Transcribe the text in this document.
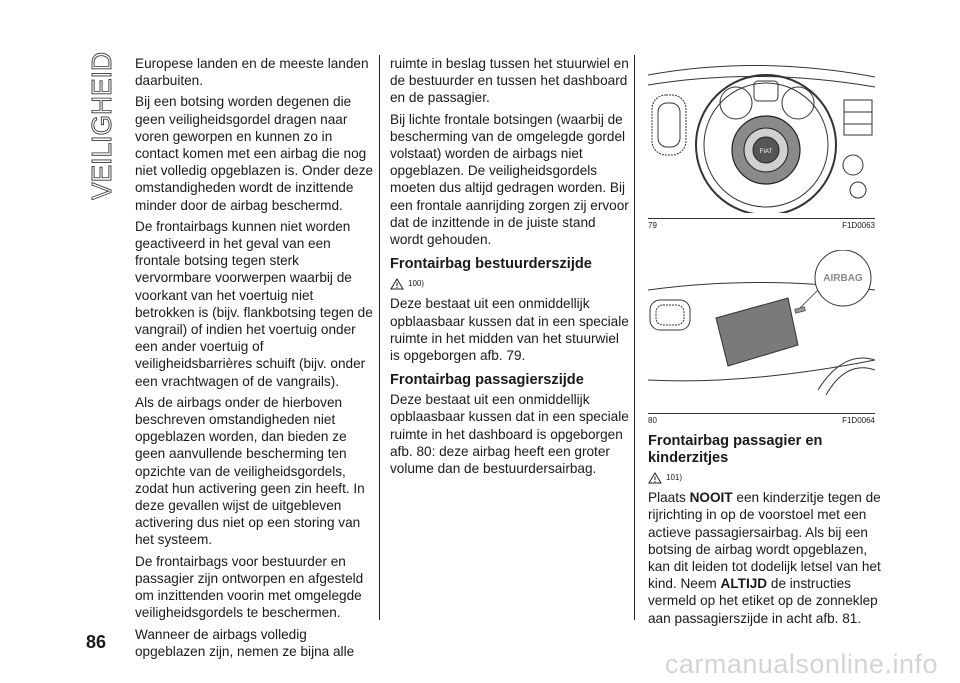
VEILIGHEID Europese landen en de meeste landen daarbuiten.

Bij een botsing worden degenen die geen veiligheidsgordel dragen naar voren geworpen en kunnen zo in contact komen met een airbag die nog niet volledig opgeblazen is. Onder deze omstandigheden wordt de inzittende minder door de airbag beschermd.

De frontairbags kunnen niet worden geactiveerd in het geval van een frontale botsing tegen sterk vervormbare voorwerpen waarbij de voorkant van het voertuig niet betrokken is (bijv. flankbotsing tegen de vangrail) of indien het voertuig onder een ander voertuig of veiligheidsbarrières schuift (bijv. onder een vrachtwagen of de vangrails).

Als de airbags onder de hierboven beschreven omstandigheden niet opgeblazen worden, dan bieden ze geen aanvullende bescherming ten opzichte van de veiligheidsgordels, zodat hun activering geen zin heeft. In deze gevallen wijst de uitgebleven activering dus niet op een storing van het systeem.

De frontairbags voor bestuurder en passagier zijn ontworpen en afgesteld om inzittenden voorin met omgelegde veiligheidsgordels te beschermen.

Wanneer de airbags volledig opgeblazen zijn, nemen ze bijna alle

ruimte in beslag tussen het stuurwiel en de bestuurder en tussen het dashboard en de passagier.

Bij lichte frontale botsingen (waarbij de bescherming van de omgelegde gordel volstaat) worden de airbags niet opgeblazen. De veiligheidsgordels moeten dus altijd gedragen worden. Bij een frontale aanrijding zorgen zij ervoor dat de inzittende in de juiste stand wordt gehouden.

Frontairbag bestuurderszijde
100)

Deze bestaat uit een onmiddellijk opblaasbaar kussen dat in een speciale ruimte in het midden van het stuurwiel is opgeborgen afb. 79.

Frontairbag passagierszijde

Deze bestaat uit een onmiddellijk opblaasbaar kussen dat in een speciale ruimte in het dashboard is opgeborgen afb. 80: deze airbag heeft een groter volume dan de bestuurdersairbag.

FIAT
79	F1D0063
AIRBAG
80	F1D0064
Frontairbag passagier en kinderzitjes
101)

Plaats NOOIT een kinderzitje tegen de rijrichting in op de voorstoel met een actieve passagiersairbag. Als bij een botsing de airbag wordt opgeblazen, kan dit leiden tot dodelijk letsel van het kind. Neem ALTIJD de instructies vermeld op het etiket op de zonneklep aan passagierszijde in acht afb. 81.

86
carmanualsonline.info
